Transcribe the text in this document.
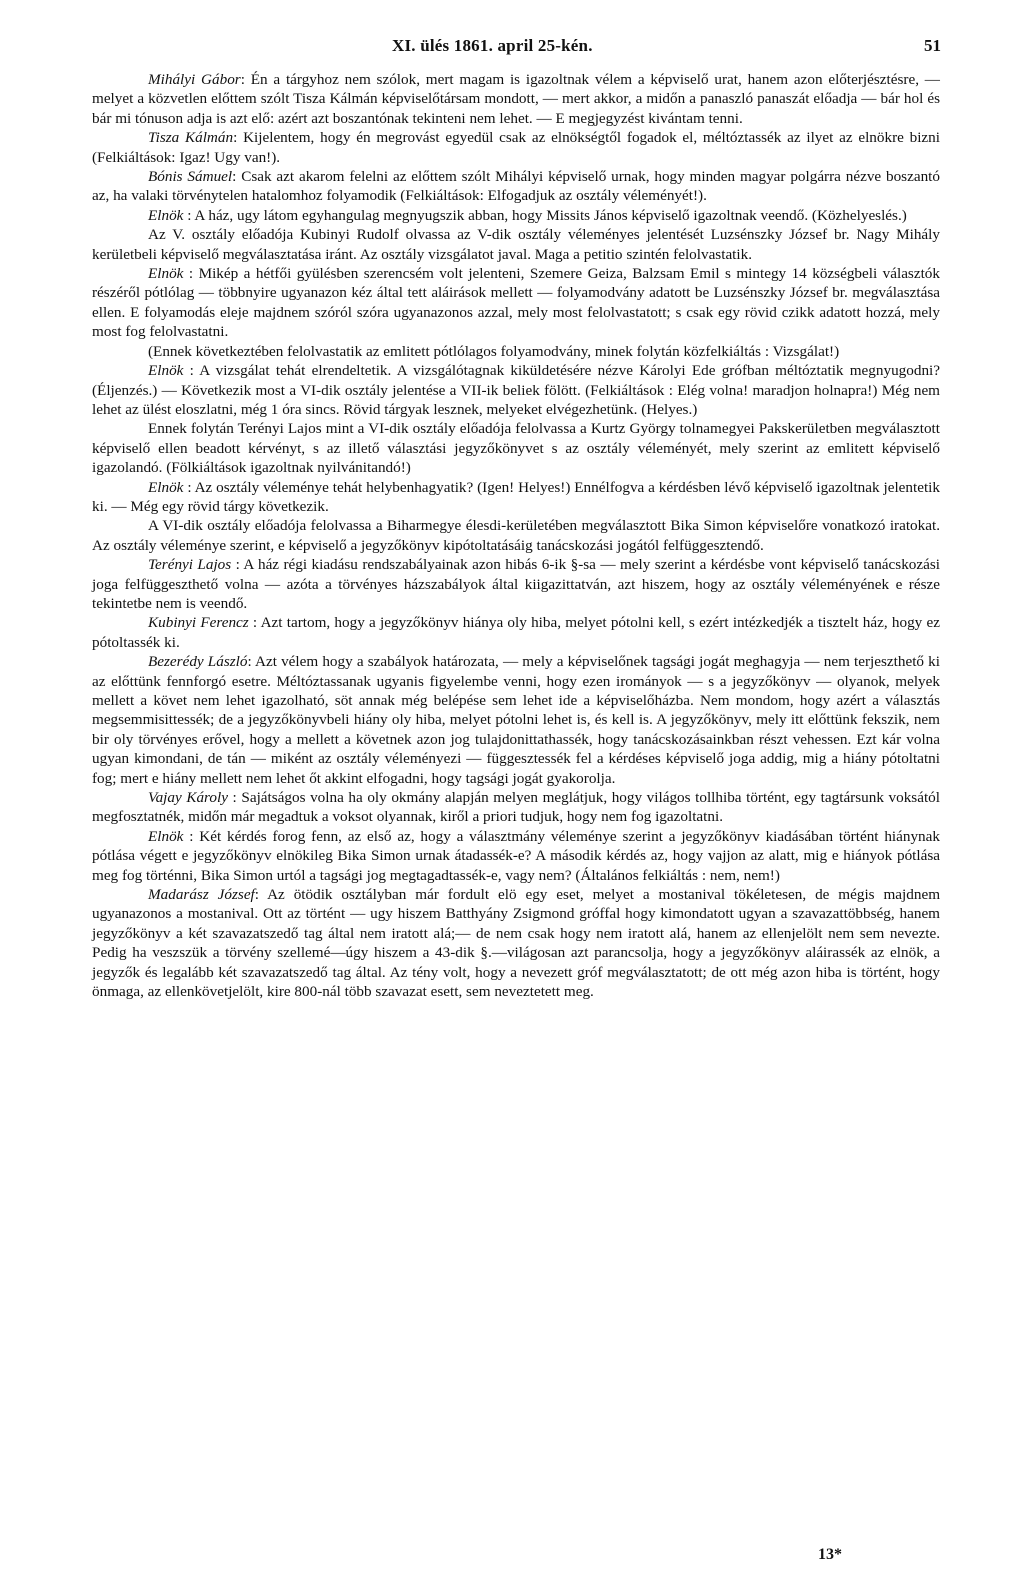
XI. ülés 1861. april 25-kén.	51

Mihályi Gábor: Én a tárgyhoz nem szólok, mert magam is igazoltnak vélem a képviselő urat, hanem azon előterjésztésre, — melyet a közvetlen előttem szólt Tisza Kálmán képviselőtársam mondott, — mert akkor, a midőn a panaszló panaszát előadja — bár hol és bár mi tónuson adja is azt elő: azért azt boszantónak tekinteni nem lehet. — E megjegyzést kivántam tenni.

Tisza Kálmán: Kijelentem, hogy én megrovást egyedül csak az elnökségtől fogadok el, méltóztassék az ilyet az elnökre bizni (Felkiáltások: Igaz! Ugy van!).

Bónis Sámuel: Csak azt akarom felelni az előttem szólt Mihályi képviselő urnak, hogy minden magyar polgárra nézve boszantó az, ha valaki törvénytelen hatalomhoz folyamodik (Felkiáltások: Elfogadjuk az osztály véleményét!).

Elnök : A ház, ugy látom egyhangulag megnyugszik abban, hogy Missits János képviselő igazoltnak veendő. (Közhelyeslés.)

Az V. osztály előadója Kubinyi Rudolf olvassa az V-dik osztály véleményes jelentését Luzsénszky József br. Nagy Mihály kerületbeli képviselő megválasztatása iránt. Az osztály vizsgálatot javal. Maga a petitio szintén felolvastatik.

Elnök : Mikép a hétfői gyülésben szerencsém volt jelenteni, Szemere Geiza, Balzsam Emil s mintegy 14 községbeli választók részéről pótlólag — többnyire ugyanazon kéz által tett aláirások mellett — folyamodvány adatott be Luzsénszky József br. megválasztása ellen. E folyamodás eleje majdnem szóról szóra ugyanazonos azzal, mely most felolvastatott; s csak egy rövid czikk adatott hozzá, mely most fog felolvastatni.

(Ennek következtében felolvastatik az emlitett pótlólagos folyamodvány, minek folytán közfelkiáltás : Vizsgálat!)

Elnök : A vizsgálat tehát elrendeltetik. A vizsgálótagnak kiküldetésére nézve Károlyi Ede grófban méltóztatik megnyugodni? (Éljenzés.) — Következik most a VI-dik osztály jelentése a VII-ik beliek fölött. (Felkiáltások : Elég volna! maradjon holnapra!) Még nem lehet az ülést eloszlatni, még 1 óra sincs. Rövid tárgyak lesznek, melyeket elvégezhetünk. (Helyes.)

Ennek folytán Terényi Lajos mint a VI-dik osztály előadója felolvassa a Kurtz György tolnamegyei Pakskerületben megválasztott képviselő ellen beadott kérvényt, s az illető választási jegyzőkönyvet s az osztály véleményét, mely szerint az emlitett képviselő igazolandó. (Fölkiáltások igazoltnak nyilvánitandó!)

Elnök : Az osztály véleménye tehát helybenhagyatik? (Igen! Helyes!) Ennélfogva a kérdésben lévő képviselő igazoltnak jelentetik ki. — Még egy rövid tárgy következik.

A VI-dik osztály előadója felolvassa a Biharmegye élesdi-kerületében megválasztott Bika Simon képviselőre vonatkozó iratokat. Az osztály véleménye szerint, e képviselő a jegyzőkönyv kipótoltatásáig tanácskozási jogától felfüggesztendő.

Terényi Lajos : A ház régi kiadásu rendszabályainak azon hibás 6-ik §-sa — mely szerint a kérdésbe vont képviselő tanácskozási joga felfüggeszthető volna — azóta a törvényes házszabályok által kiigazittatván, azt hiszem, hogy az osztály véleményének e része tekintetbe nem is veendő.

Kubinyi Ferencz : Azt tartom, hogy a jegyzőkönyv hiánya oly hiba, melyet pótolni kell, s ezért intézkedjék a tisztelt ház, hogy ez pótoltassék ki.

Bezerédy László: Azt vélem hogy a szabályok határozata, — mely a képviselőnek tagsági jogát meghagyja — nem terjeszthető ki az előttünk fennforgó esetre. Méltóztassanak ugyanis figyelembe venni, hogy ezen irományok — s a jegyzőkönyv — olyanok, melyek mellett a követ nem lehet igazolható, söt annak még belépése sem lehet ide a képviselőházba. Nem mondom, hogy azért a választás megsemmisittessék; de a jegyzőkönyvbeli hiány oly hiba, melyet pótolni lehet is, és kell is. A jegyzőkönyv, mely itt előttünk fekszik, nem bir oly törvényes erővel, hogy a mellett a követnek azon jog tulajdonittathassék, hogy tanácskozásainkban részt vehessen. Ezt kár volna ugyan kimondani, de tán — miként az osztály véleményezi — függesztessék fel a kérdéses képviselő joga addig, mig a hiány pótoltatni fog; mert e hiány mellett nem lehet őt akkint elfogadni, hogy tagsági jogát gyakorolja.

Vajay Károly : Sajátságos volna ha oly okmány alapján melyen meglátjuk, hogy világos tollhiba történt, egy tagtársunk voksától megfosztatnék, midőn már megadtuk a voksot olyannak, kiről a priori tudjuk, hogy nem fog igazoltatni.

Elnök : Két kérdés forog fenn, az első az, hogy a választmány véleménye szerint a jegyzőkönyv kiadásában történt hiánynak pótlása végett e jegyzőkönyv elnökileg Bika Simon urnak átadassék-e? A második kérdés az, hogy vajjon az alatt, mig e hiányok pótlása meg fog történni, Bika Simon urtól a tagsági jog megtagadtassék-e, vagy nem? (Általános felkiáltás : nem, nem!)

Madarász József: Az ötödik osztályban már fordult elö egy eset, melyet a mostanival tökéletesen, de mégis majdnem ugyanazonos a mostanival. Ott az történt — ugy hiszem Batthyány Zsigmond gróffal hogy kimondatott ugyan a szavazattöbbség, hanem jegyzőkönyv a két szavazatszedő tag által nem iratott alá;— de nem csak hogy nem iratott alá, hanem az ellenjelölt nem sem nevezte. Pedig ha veszszük a törvény szellemé—úgy hiszem a 43-dik §.—világosan azt parancsolja, hogy a jegyzőkönyv aláirassék az elnök, a jegyzők és legalább két szavazatszedő tag által. Az tény volt, hogy a nevezett gróf megválasztatott; de ott még azon hiba is történt, hogy önmaga, az ellenkövetjelölt, kire 800-nál több szavazat esett, sem neveztetett meg.

13*
